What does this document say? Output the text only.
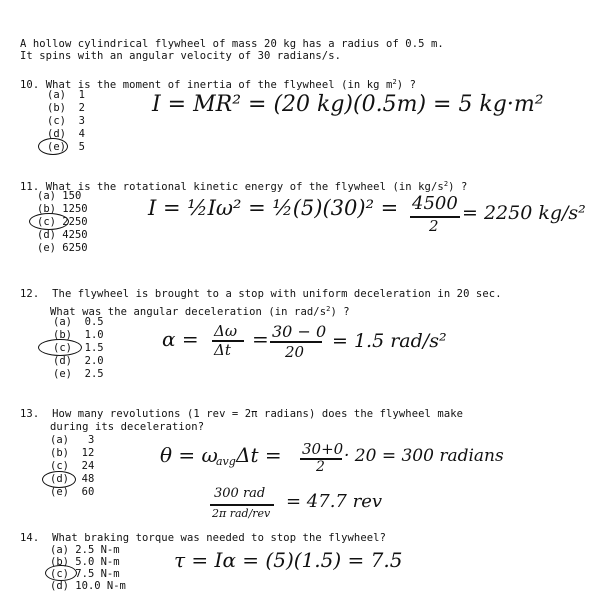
A hollow cylindrical flywheel of mass 20 kg has a radius of 0.5 m.
It spins with an angular velocity of 30 radians/s.
10. What is the moment of inertia of the flywheel (in kg $m^2$) ?
(a) 1
(b) 2
(c) 3
(d) 4
(e) 5
I = MR² = (20 kg)(0.5m) = 5 kg·m²
11. What is the rotational kinetic energy of the flywheel (in $kg/s^2$) ?
(a) 150
(b) 1250
(c) 2250
(d) 4250
(e) 6250
I = ½Iω² = ½(5)(30)² = 4500
2
= 2250 kg/s²
12. The flywheel is brought to a stop with uniform deceleration in 20 sec.
What was the angular deceleration (in rad/$s^2$) ?
(a) 0.5
(b) 1.0
(c) 1.5
(d) 2.0
(e) 2.5
α = Δω
Δt = 30 − 0
20 = 1.5 rad/s²
13. How many revolutions (1 rev = 2π radians) does the flywheel make
during its deceleration?
(a) 3
(b) 12
(c) 24
(d) 48
(e) 60
θ = ω
avg Δt = 30+0
2
· 20 = 300 radians
300 rad
2π rad/rev
= 47.7 rev
14. What braking torque was needed to stop the flywheel?
(a) 2.5 N-m
(b) 5.0 N-m
(c) 7.5 N-m
(d) 10.0 N-m
τ = Iα = (5)(1.5) = 7.5
